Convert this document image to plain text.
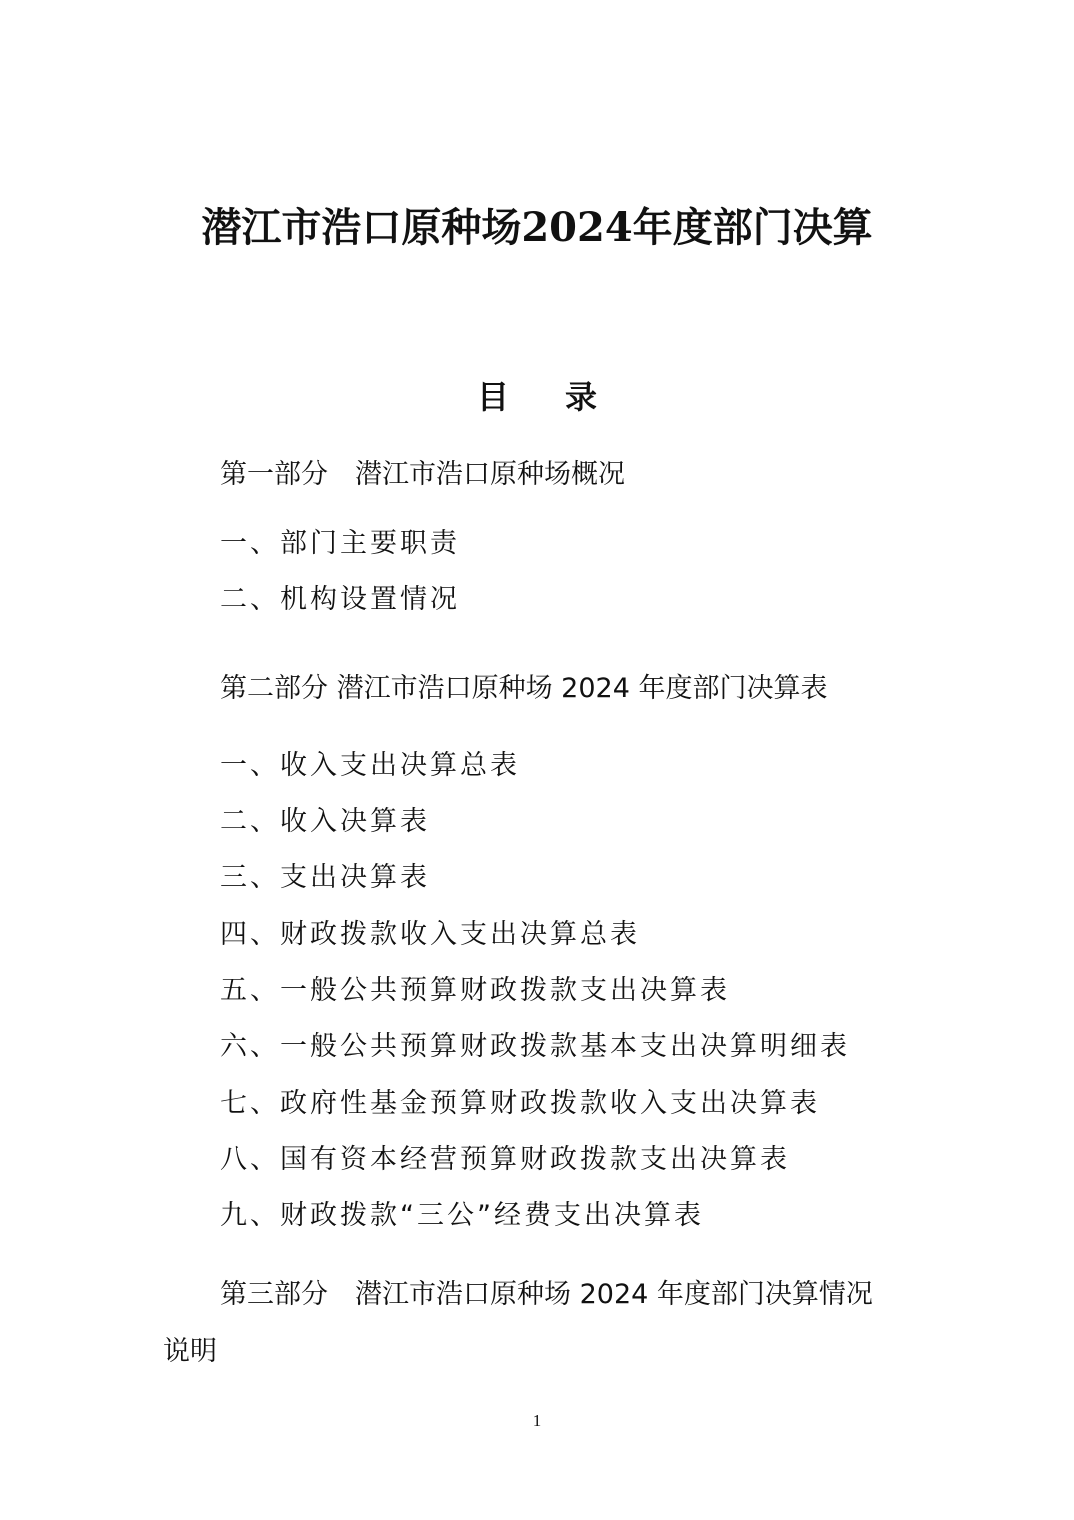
潜江市浩口原种场2024年度部门决算
目录

第一部分　潜江市浩口原种场概况

一、部门主要职责

二、机构设置情况

第二部分 潜江市浩口原种场 2024 年度部门决算表

一、收入支出决算总表

二、收入决算表

三、支出决算表

四、财政拨款收入支出决算总表

五、一般公共预算财政拨款支出决算表

六、一般公共预算财政拨款基本支出决算明细表

七、政府性基金预算财政拨款收入支出决算表

八、国有资本经营预算财政拨款支出决算表

九、财政拨款“三公”经费支出决算表

第三部分　潜江市浩口原种场 2024 年度部门决算情况

说明

1
